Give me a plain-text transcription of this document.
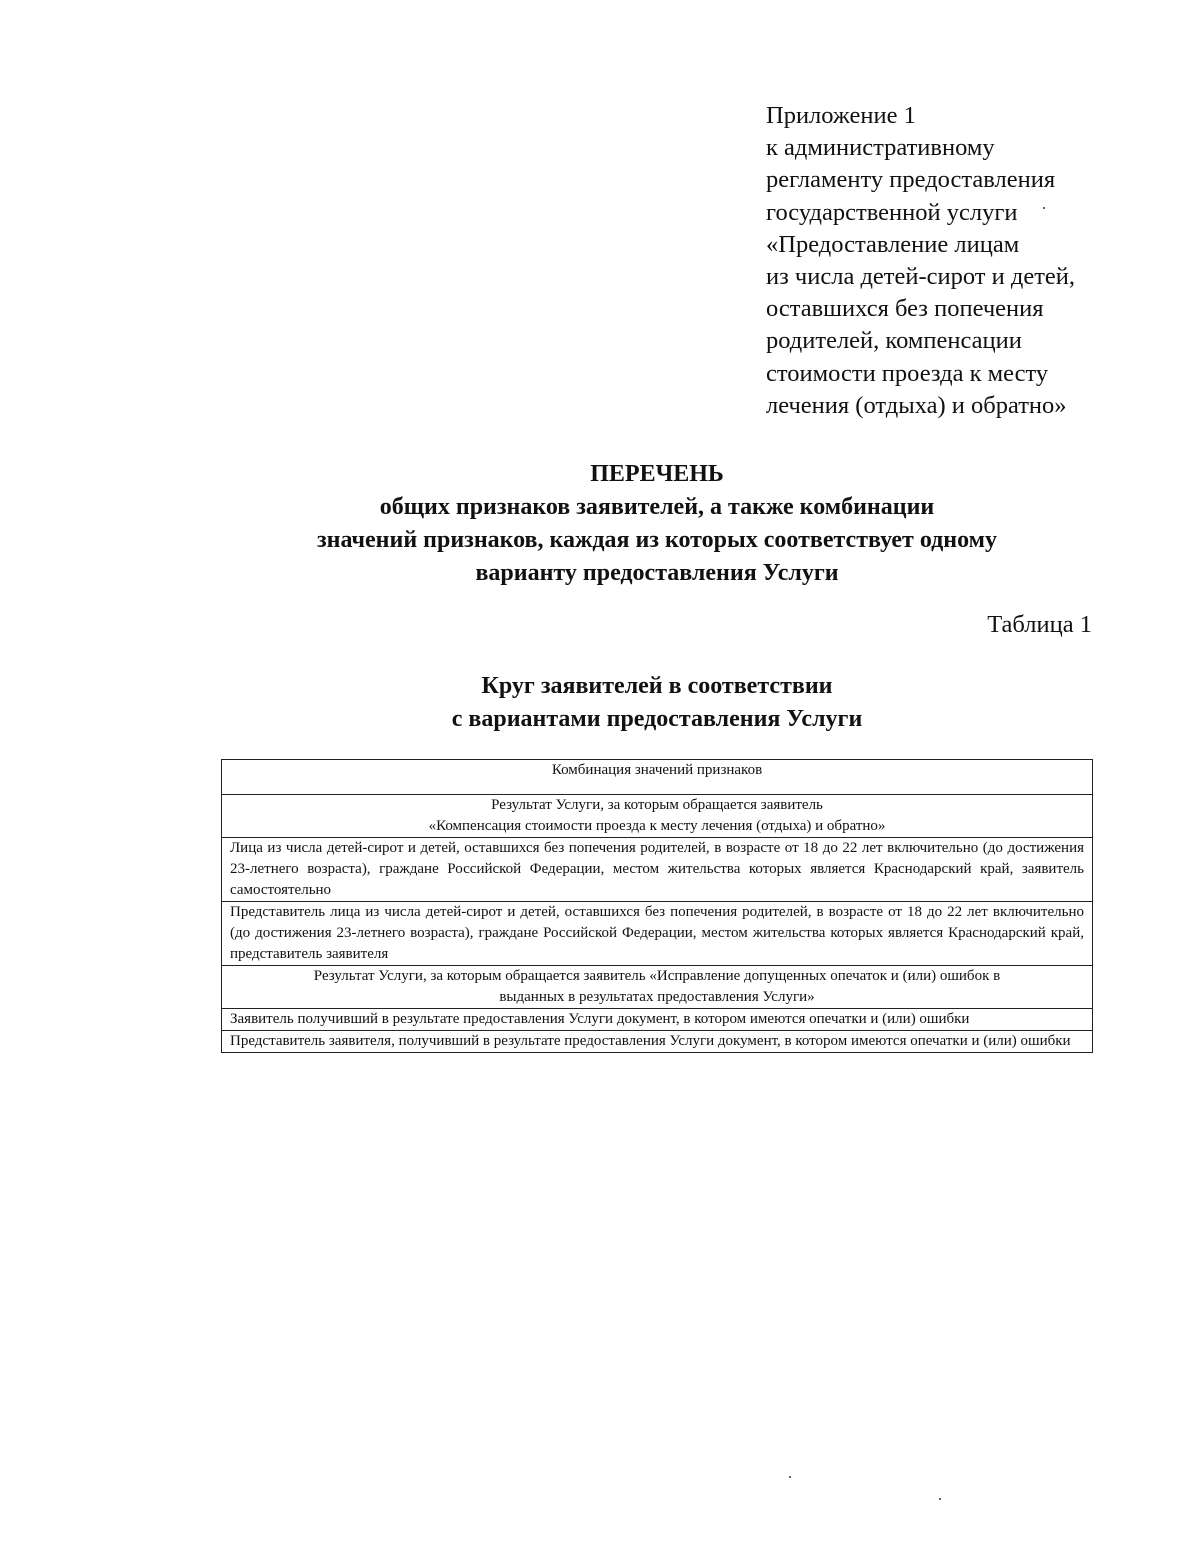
Приложение 1
к административному
регламенту предоставления
государственной услуги
«Предоставление лицам
из числа детей-сирот и детей,
оставшихся без попечения
родителей, компенсации
стоимости проезда к месту
лечения (отдыха) и обратно»
ПЕРЕЧЕНЬ
общих признаков заявителей, а также комбинации
значений признаков, каждая из которых соответствует одному
варианту предоставления Услуги
Таблица 1
Круг заявителей в соответствии
с вариантами предоставления Услуги
Комбинация значений признаков

Результат Услуги, за которым обращается заявитель
«Компенсация стоимости проезда к месту лечения (отдыха) и обратно»

Лица из числа детей-сирот и детей, оставшихся без попечения родителей, в возрасте от 18 до 22 лет включительно (до достижения 23-летнего возраста), граждане Российской Федерации, местом жительства которых является Краснодарский край, заявитель самостоятельно
Представитель лица из числа детей-сирот и детей, оставшихся без попечения родителей, в возрасте от 18 до 22 лет включительно (до достижения 23-летнего возраста), граждане Российской Федерации, местом жительства которых является Краснодарский край, представитель заявителя

Результат Услуги, за которым обращается заявитель «Исправление допущенных опечаток и (или) ошибок в
выданных в результатах предоставления Услуги»

Заявитель получивший в результате предоставления Услуги документ, в котором имеются опечатки и (или) ошибки
Представитель заявителя, получивший в результате предоставления Услуги документ, в котором имеются опечатки и (или) ошибки
